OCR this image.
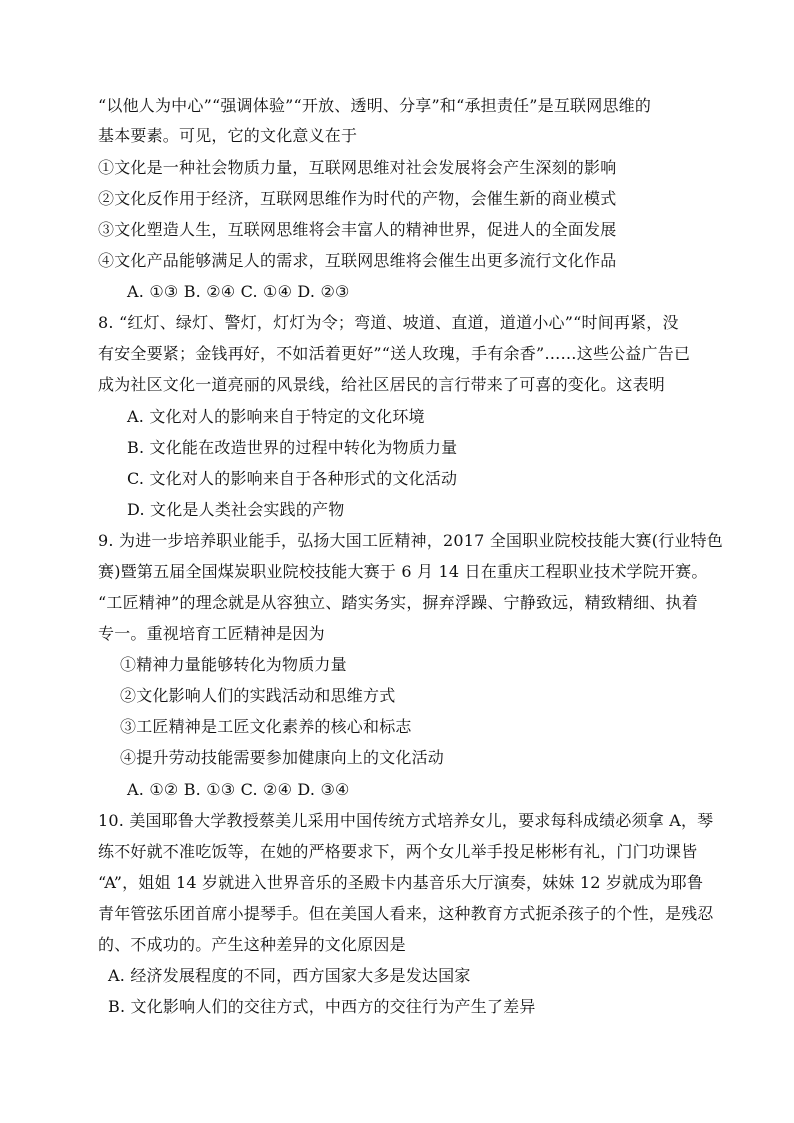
“以他人为中心”“强调体验”“开放、透明、分享”和“承担责任”是互联网思维的
基本要素。可见，它的文化意义在于
①文化是一种社会物质力量，互联网思维对社会发展将会产生深刻的影响
②文化反作用于经济，互联网思维作为时代的产物，会催生新的商业模式
③文化塑造人生，互联网思维将会丰富人的精神世界，促进人的全面发展
④文化产品能够满足人的需求，互联网思维将会催生出更多流行文化作品
A. ①③ B. ②④ C. ①④ D. ②③
8. “红灯、绿灯、警灯，灯灯为令；弯道、坡道、直道，道道小心”“时间再紧，没
有安全要紧；金钱再好，不如活着更好”“送人玫瑰，手有余香”……这些公益广告已
成为社区文化一道亮丽的风景线，给社区居民的言行带来了可喜的变化。这表明
A. 文化对人的影响来自于特定的文化环境
B. 文化能在改造世界的过程中转化为物质力量
C. 文化对人的影响来自于各种形式的文化活动
D. 文化是人类社会实践的产物
9. 为进一步培养职业能手，弘扬大国工匠精神，2017 全国职业院校技能大赛(行业特色
赛)暨第五届全国煤炭职业院校技能大赛于 6 月 14 日在重庆工程职业技术学院开赛。
“工匠精神”的理念就是从容独立、踏实务实，摒弃浮躁、宁静致远，精致精细、执着
专一。重视培育工匠精神是因为
①精神力量能够转化为物质力量
②文化影响人们的实践活动和思维方式
③工匠精神是工匠文化素养的核心和标志
④提升劳动技能需要参加健康向上的文化活动
A. ①② B. ①③ C. ②④ D. ③④
10. 美国耶鲁大学教授蔡美儿采用中国传统方式培养女儿，要求每科成绩必须拿 A，琴
练不好就不准吃饭等，在她的严格要求下，两个女儿举手投足彬彬有礼，门门功课皆
“A”，姐姐 14 岁就进入世界音乐的圣殿卡内基音乐大厅演奏，妹妹 12 岁就成为耶鲁
青年管弦乐团首席小提琴手。但在美国人看来，这种教育方式扼杀孩子的个性，是残忍
的、不成功的。产生这种差异的文化原因是
A. 经济发展程度的不同，西方国家大多是发达国家
B. 文化影响人们的交往方式，中西方的交往行为产生了差异
